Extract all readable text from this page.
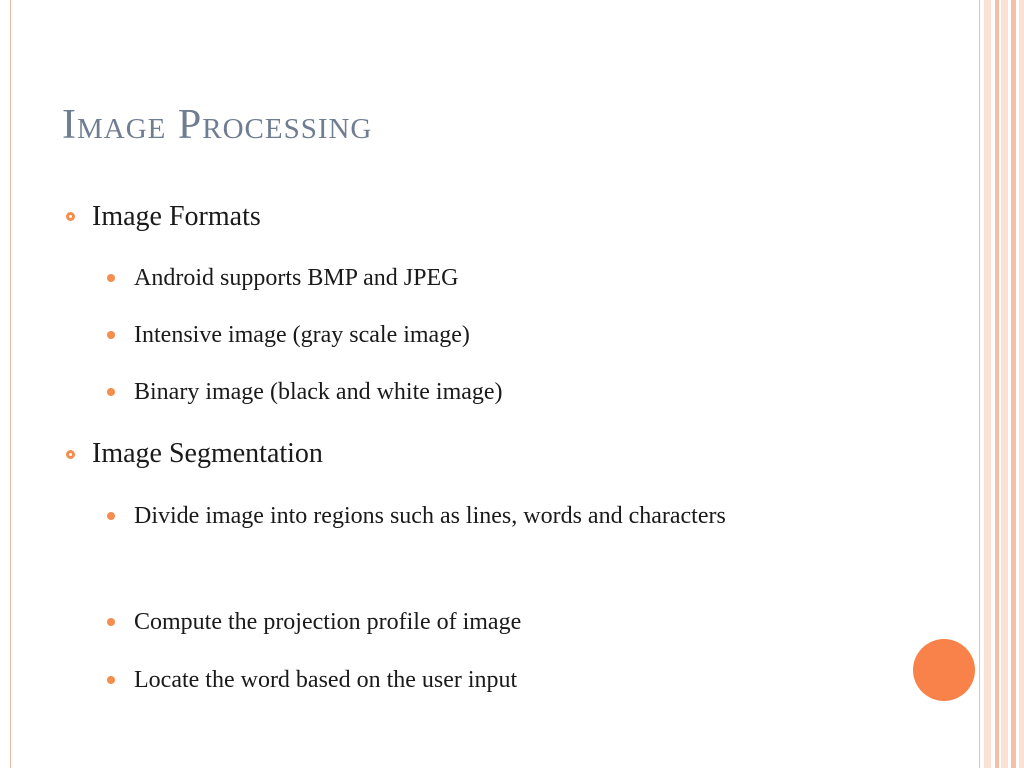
Image Processing
Image Formats
Android supports BMP and JPEG
Intensive image (gray scale image)
Binary image (black and white image)
Image Segmentation
Divide image into regions such as lines, words and characters
Compute the projection profile of image
Locate the word based on the user input
